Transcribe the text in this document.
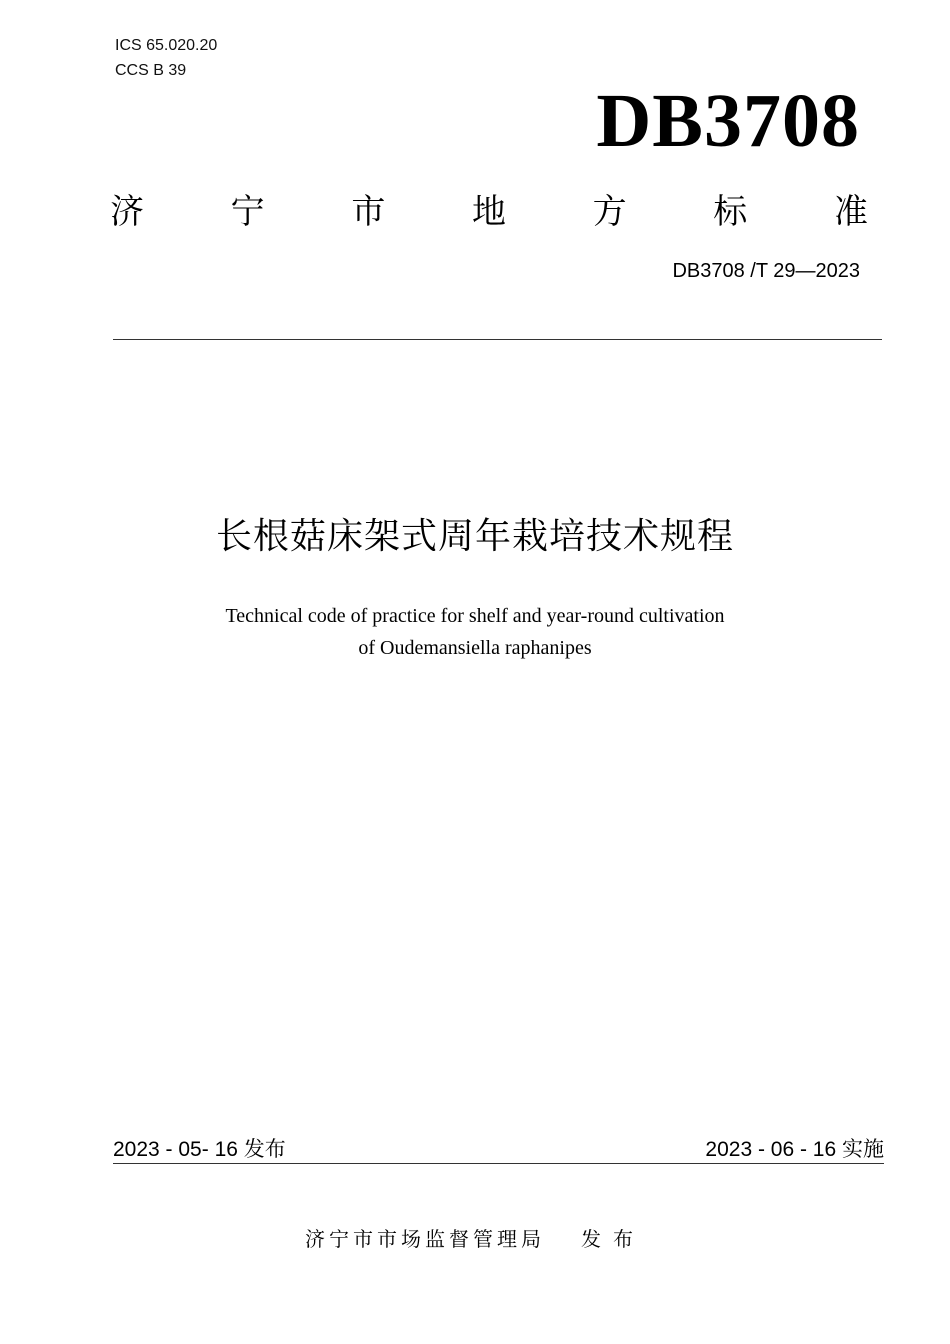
ICS 65.020.20
CCS B 39
DB3708
济	宁	市	地	方	标	准
DB3708 /T 29—2023
长根菇床架式周年栽培技术规程
Technical code of practice for shelf and year-round cultivation
of Oudemansiella raphanipes
2023 - 05- 16 发布	2023 - 06 - 16 实施
济宁市市场监督管理局 发布
